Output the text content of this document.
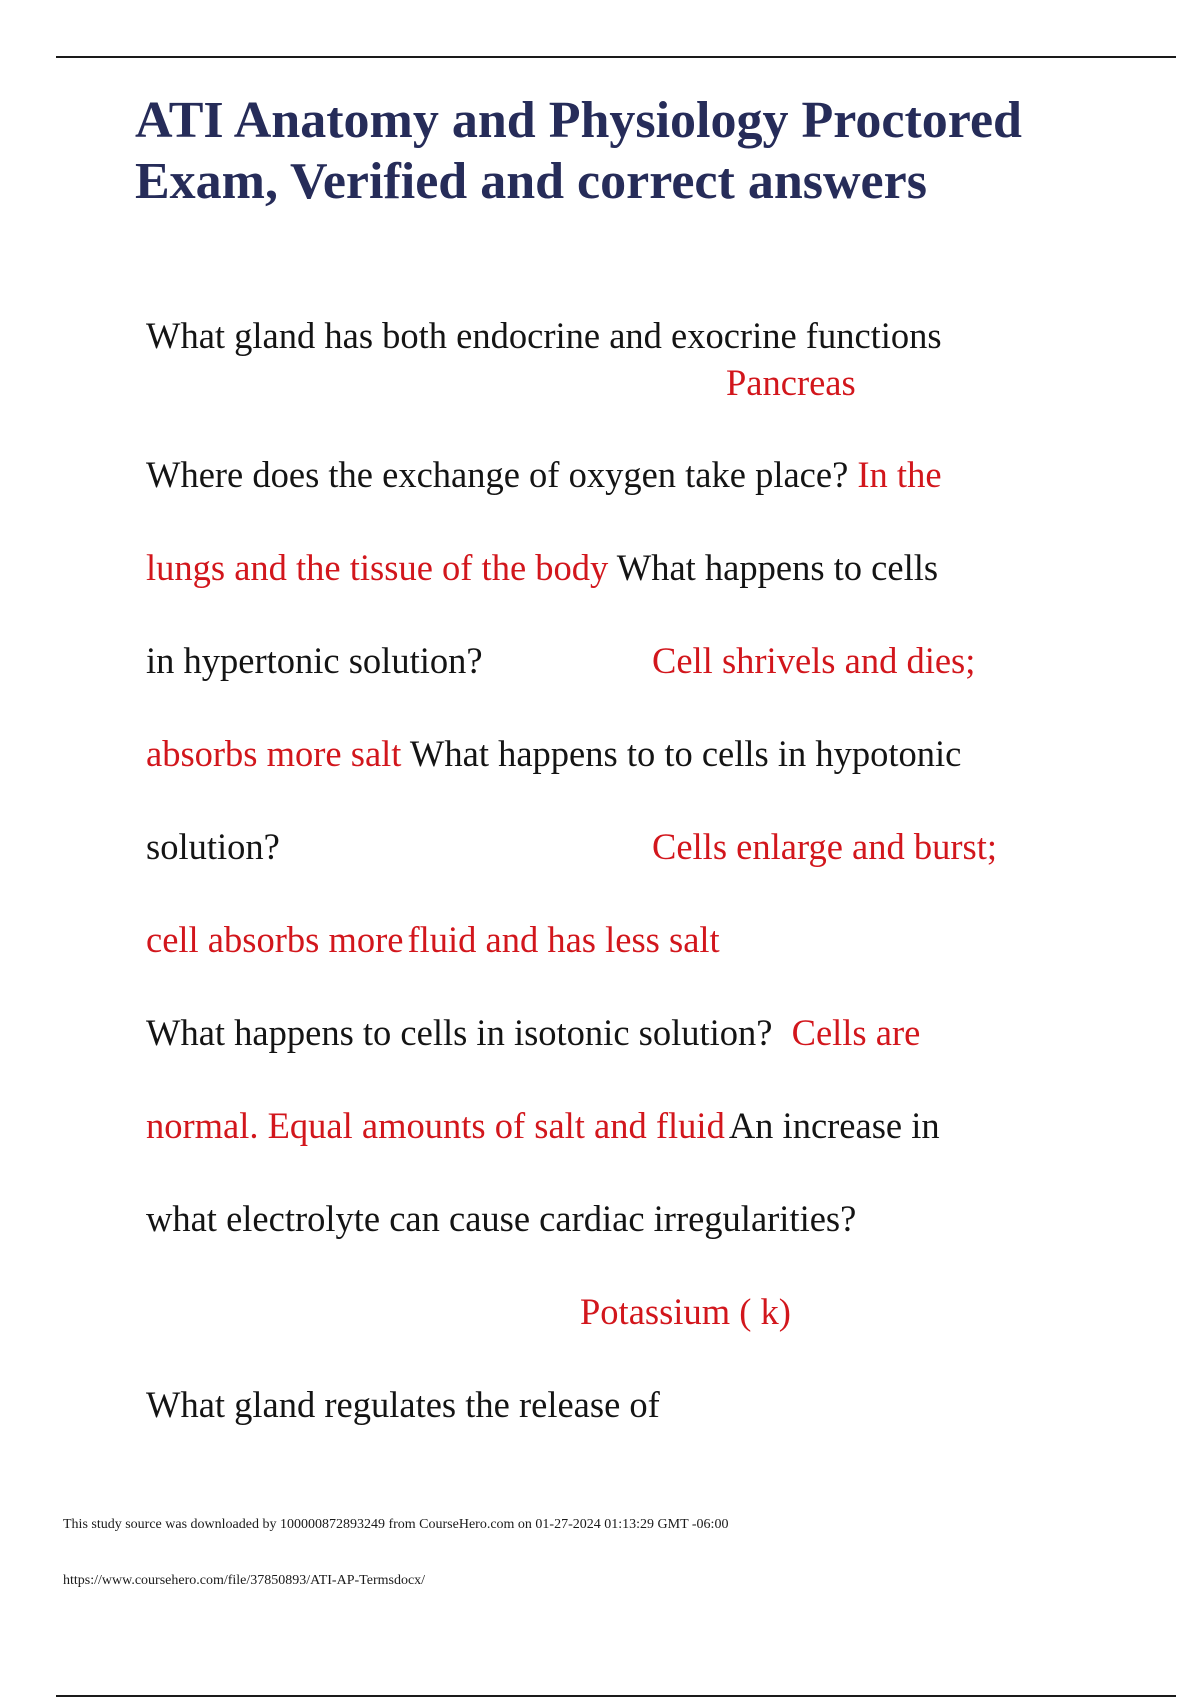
ATI Anatomy and Physiology Proctored Exam, Verified and correct answers
What gland has both endocrine and exocrine functions
Pancreas
Where does the exchange of oxygen take place? In the
lungs and the tissue of the body What happens to cells
in hypertonic solution?	Cell shrivels and dies;
absorbs more salt What happens to to cells in hypotonic
solution?	Cells enlarge and burst;
cell absorbs more fluid and has less salt
What happens to cells in isotonic solution? Cells are
normal. Equal amounts of salt and fluid An increase in
what electrolyte can cause cardiac irregularities?
Potassium ( k)
What gland regulates the release of
This study source was downloaded by 100000872893249 from CourseHero.com on 01-27-2024 01:13:29 GMT -06:00
https://www.coursehero.com/file/37850893/ATI-AP-Termsdocx/
